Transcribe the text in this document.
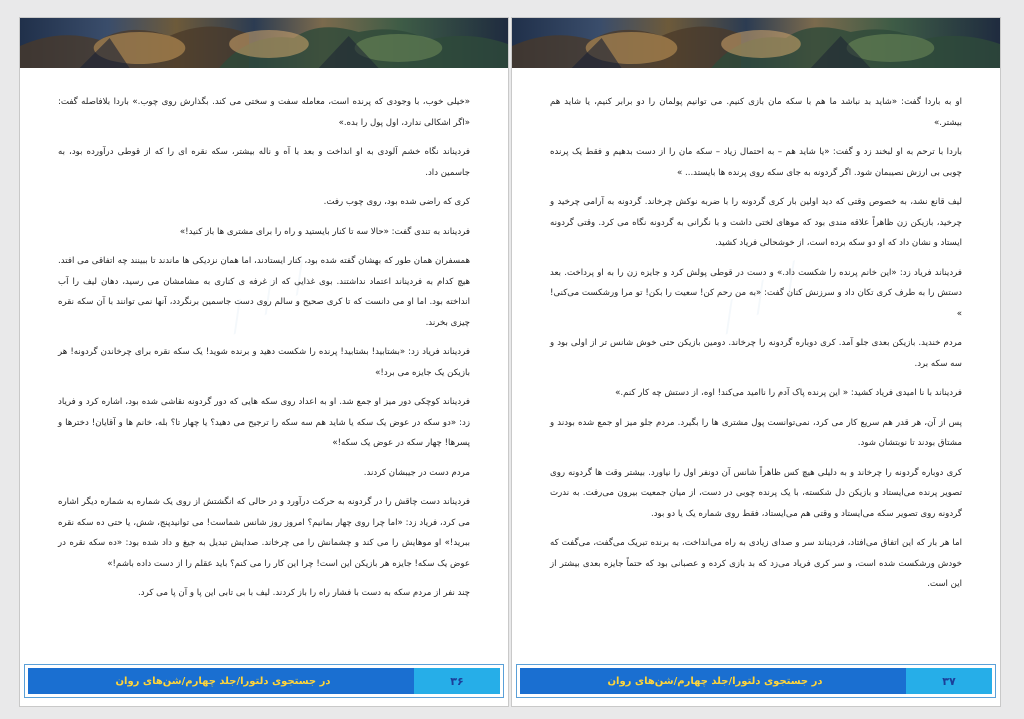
⟋ ⟋ ⟋

«خیلی خوب، با وجودی که پرنده است، معامله سفت و سختی می کند. بگذارش روی چوب.» باردا بلافاصله گفت: «اگر اشکالی ندارد، اول پول را بده.»

فردیناند نگاه خشم آلودی به او انداخت و بعد با آه و ناله بیشتر، سکه نقره ای را که از قوطی درآورده بود، به جاسمین داد.

کری که راضی شده بود، روی چوب رفت.

فردیناند به تندی گفت: «حالا سه تا کنار بایستید و راه را برای مشتری ها باز کنید!»

همسفران همان طور که بهشان گفته شده بود، کنار ایستادند، اما همان نزدیکی ها ماندند تا ببینند چه اتفاقی می افتد. هیچ کدام به فردیناند اعتماد نداشتند. بوی غذایی که از غرفه ی کناری به مشامشان می رسید، دهان لیف را آب انداخته بود. اما او می دانست که تا کری صحیح و سالم روی دست جاسمین برنگردد، آنها نمی توانند با آن سکه نقره چیزی بخرند.

فردیناند فریاد زد: «بشتابید! بشتابید! پرنده را شکست دهید و برنده شوید! یک سکه نقره برای چرخاندن گردونه! هر بازیکن یک جایزه می برد!»

فردیناند کوچکی دور میز او جمع شد. او به اعداد روی سکه هایی که دور گردونه نقاشی شده بود، اشاره کرد و فریاد زد: «دو سکه در عوض یک سکه یا شاید هم سه سکه را ترجیح می دهید؟ یا چهار تا؟ بله، خانم ها و آقایان! دخترها و پسرها! چهار سکه در عوض یک سکه!»

مردم دست در جیبشان کردند.

فردیناند دست چاقش را در گردونه به حرکت درآورد و در حالی که انگشتش از روی یک شماره به شماره دیگر اشاره می کرد، فریاد زد: «اما چرا روی چهار بمانیم؟ امروز روز شانس شماست! می توانیدپنج، شش، یا حتی ده سکه نقره ببرید!» او موهایش را می کند و چشمانش را می چرخاند. صدایش تبدیل به جیغ و داد شده بود: «ده سکه نقره در عوض یک سکه! جایزه هر بازیکن این است! چرا این کار را می کنم؟ باید عقلم را از دست داده باشم!»

چند نفر از مردم سکه به دست با فشار راه را باز کردند. لیف با بی تابی این پا و آن پا می کرد.

در جستجوی دلتورا/جلد چهارم/شن‌های روان	۳۶
⟋ ⟋ ⟋

او به باردا گفت: «شاید بد نباشد ما هم با سکه مان بازی کنیم. می توانیم پولمان را دو برابر کنیم، یا شاید هم بیشتر.»

باردا با ترحم به او لبخند زد و گفت: «یا شاید هم – به احتمال زیاد – سکه مان را از دست بدهیم و فقط یک پرنده چوبی بی ارزش نصیبمان شود. اگر گردونه به جای سکه روی پرنده ها بایستد... »

لیف قانع نشد، به خصوص وقتی که دید اولین بار کری گردونه را با ضربه نوکش چرخاند. گردونه به آرامی چرخید و چرخید، بازیکن زن ظاهراً علاقه مندی بود که موهای لختی داشت و با نگرانی به گردونه نگاه می کرد. وقتی گردونه ایستاد و نشان داد که او دو سکه برده است، از خوشحالی فریاد کشید.

فردیناند فریاد زد: «این خانم پرنده را شکست داد.» و دست در قوطی پولش کرد و جایزه زن را به او پرداخت. بعد دستش را به طرف کری تکان داد و سرزنش کنان گفت: «به من رحم کن! سعیت را بکن! تو مرا ورشکست می‌کنی! »

مردم خندید. بازیکن بعدی جلو آمد. کری دوباره گردونه را چرخاند. دومین بازیکن حتی خوش شانس تر از اولی بود و سه سکه برد.

فردیناند با نا امیدی فریاد کشید: « این پرنده پاک آدم را ناامید می‌کند! اوه، از دستش چه کار کنم.»

پس از آن، هر قدر هم سریع کار می کرد، نمی‌توانست پول مشتری ها را بگیرد. مردم جلو میز او جمع شده بودند و مشتاق بودند تا نوبتشان شود.

کری دوباره گردونه را چرخاند و به دلیلی هیچ کس ظاهراً شانس آن دونفر اول را نیاورد. بیشتر وقت ها گردونه روی تصویر پرنده می‌ایستاد و بازیکن دل شکسته، با یک پرنده چوبی در دست، از میان جمعیت بیرون می‌رفت. به ندرت گردونه روی تصویر سکه می‌ایستاد و وقتی هم می‌ایستاد، فقط روی شماره یک یا دو بود.

اما هر بار که این اتفاق می‌افتاد، فردیناند سر و صدای زیادی به راه می‌انداخت، به برنده تبریک می‌گفت، می‌گفت که خودش ورشکست شده است، و سر کری فریاد می‌زد که بد بازی کرده و عصبانی بود که حتماً جایزه بعدی بیشتر از این است.

در جستجوی دلتورا/جلد چهارم/شن‌های روان	۳۷
